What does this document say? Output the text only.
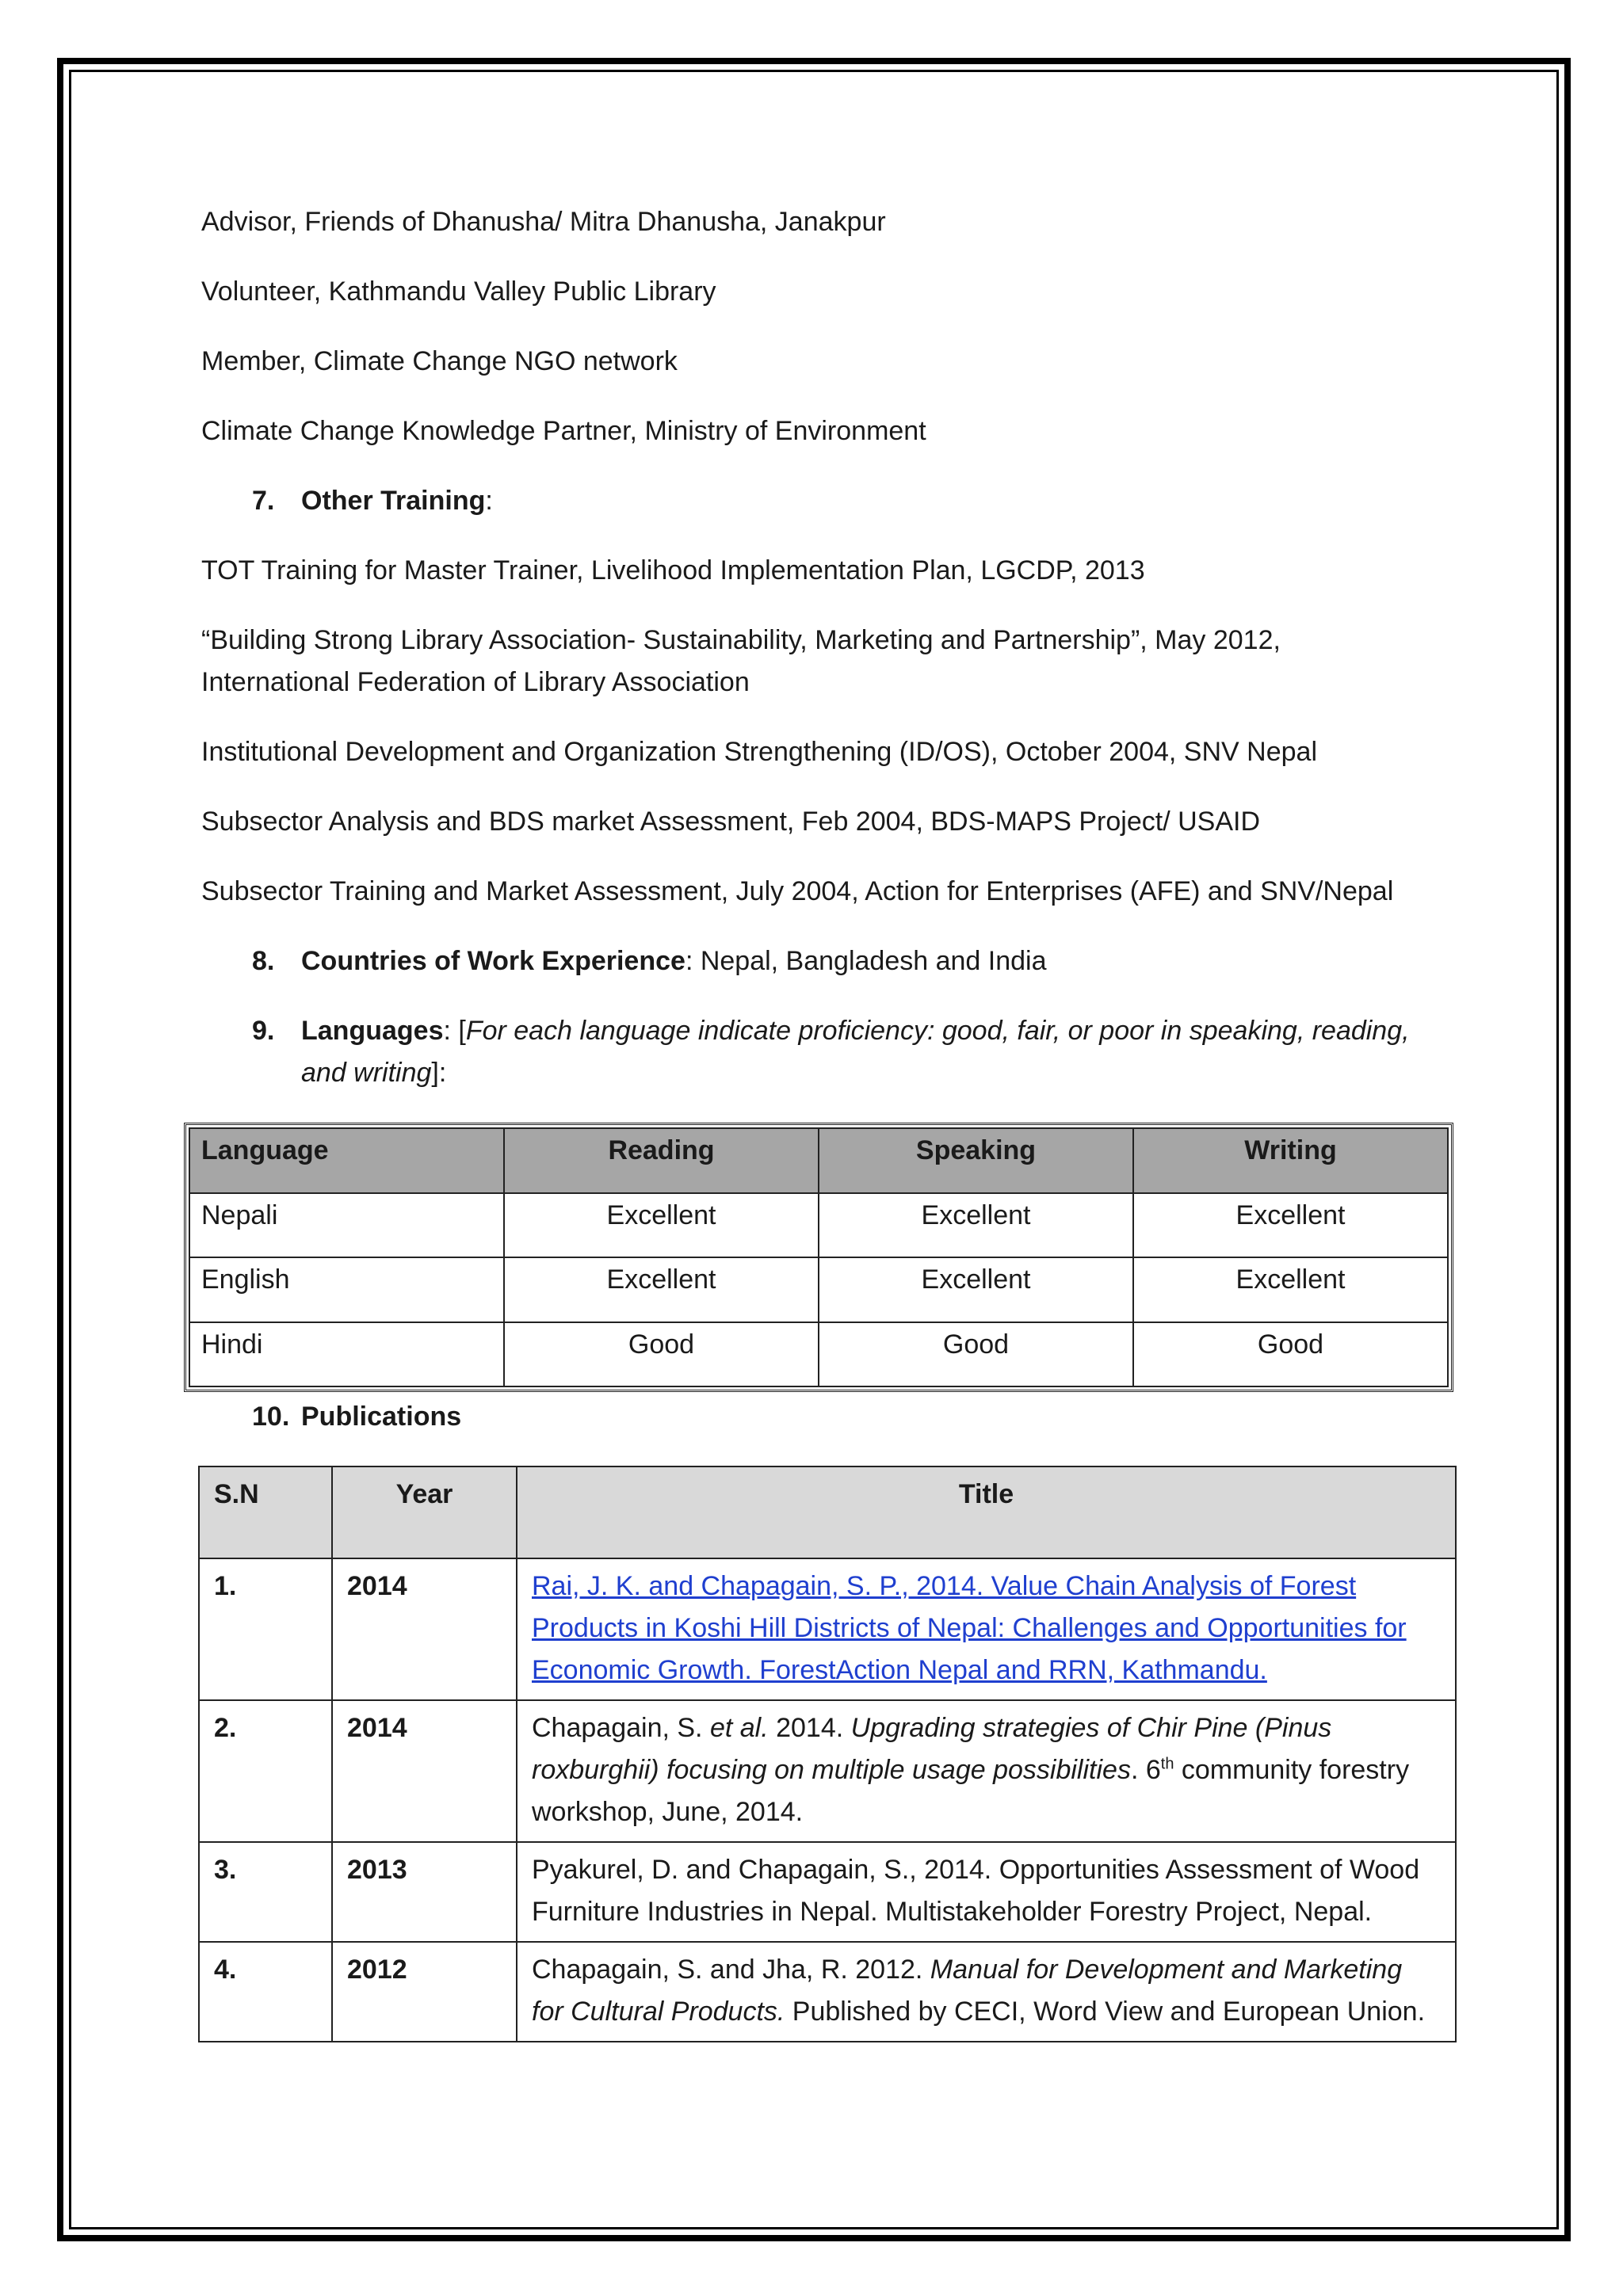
Advisor, Friends of Dhanusha/ Mitra Dhanusha, Janakpur
Volunteer, Kathmandu Valley Public Library
Member, Climate Change NGO network
Climate Change Knowledge Partner, Ministry of Environment
7. Other Training:
TOT Training for Master Trainer, Livelihood Implementation Plan, LGCDP, 2013
“Building Strong Library Association- Sustainability, Marketing and Partnership”, May 2012,
International Federation of Library Association
Institutional Development and Organization Strengthening (ID/OS), October 2004, SNV Nepal
Subsector Analysis and BDS market Assessment, Feb 2004, BDS-MAPS Project/ USAID
Subsector Training and Market Assessment, July 2004, Action for Enterprises (AFE) and SNV/Nepal
8. Countries of Work Experience: Nepal, Bangladesh and India
9. Languages: [For each language indicate proficiency: good, fair, or poor in speaking, reading,
and writing]:
Language	Reading	Speaking	Writing
Nepali	Excellent	Excellent	Excellent
English	Excellent	Excellent	Excellent
Hindi	Good	Good	Good
10. Publications
S.N	Year	Title
1.	2014	Rai, J. K. and Chapagain, S. P., 2014. Value Chain Analysis of Forest Products in Koshi Hill Districts of Nepal: Challenges and Opportunities for Economic Growth. ForestAction Nepal and RRN, Kathmandu.
2.	2014	Chapagain, S. et al. 2014. Upgrading strategies of Chir Pine (Pinus roxburghii) focusing on multiple usage possibilities. 6th community forestry workshop, June, 2014.
3.	2013	Pyakurel, D. and Chapagain, S., 2014. Opportunities Assessment of Wood Furniture Industries in Nepal. Multistakeholder Forestry Project, Nepal.
4.	2012	Chapagain, S. and Jha, R. 2012. Manual for Development and Marketing for Cultural Products. Published by CECI, Word View and European Union.
